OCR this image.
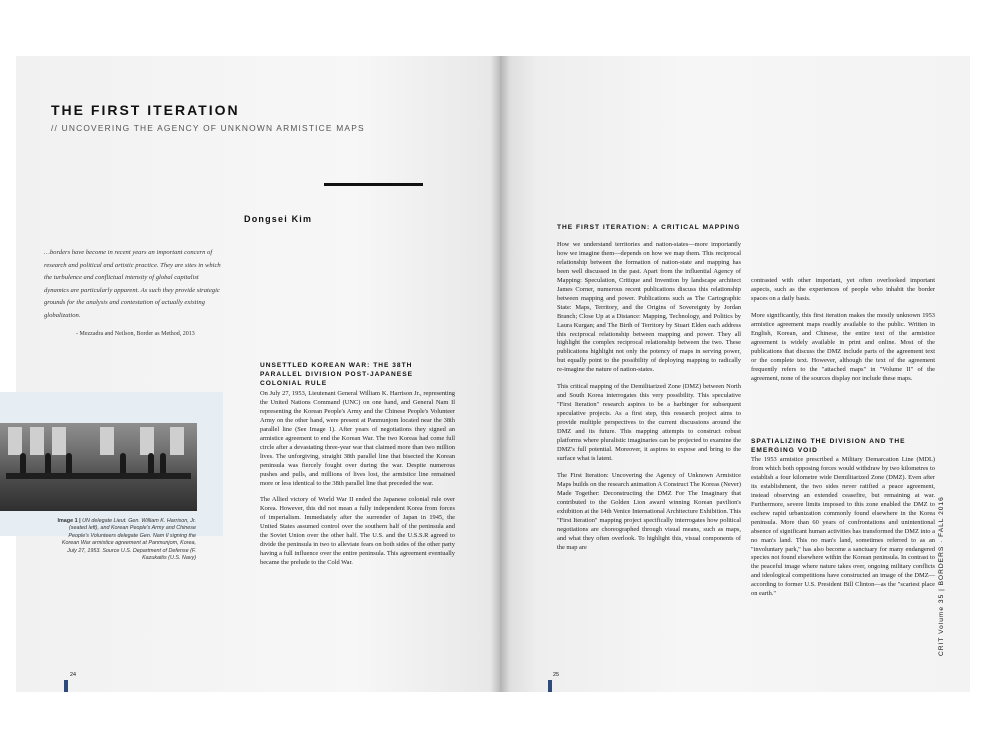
THE FIRST ITERATION
// UNCOVERING THE AGENCY OF UNKNOWN ARMISTICE MAPS
Dongsei Kim
…borders have become in recent years an important concern of research and political and artistic practice. They are sites in which the turbulence and conflictual intensity of global capitalist dynamics are particularly apparent. As such they provide strategic grounds for the analysis and contestation of actually existing globalization.
- Mezzadra and Neilson, Border as Method, 2013
Image 1 | UN delegate Lieut. Gen. William K. Harrison, Jr. (seated left), and Korean People's Army and Chinese People's Volunteers delegate Gen. Nam Il signing the Korean War armistice agreement at Panmunjom, Korea, July 27, 1953. Source U.S. Department of Defense (F. Kazukaitis (U.S. Navy)
UNSETTLED KOREAN WAR: THE 38TH PARALLEL DIVISION POST-JAPANESE COLONIAL RULE

On July 27, 1953, Lieutenant General William K. Harrison Jr., representing the United Nations Command (UNC) on one hand, and General Nam Il representing the Korean People's Army and the Chinese People's Volunteer Army on the other hand, were present at Panmunjom located near the 38th parallel line (See Image 1). After years of negotiations they signed an armistice agreement to end the Korean War. The two Koreas had come full circle after a devastating three-year war that claimed more than two million lives. The unforgiving, straight 38th parallel line that bisected the Korean peninsula was fiercely fought over during the war. Despite numerous pushes and pulls, and millions of lives lost, the armistice line remained more or less identical to the 38th parallel line that preceded the war.

The Allied victory of World War II ended the Japanese colonial rule over Korea. However, this did not mean a fully independent Korea from forces of imperialism. Immediately after the surrender of Japan in 1945, the United States assumed control over the southern half of the peninsula and the Soviet Union over the other half. The U.S. and the U.S.S.R agreed to divide the peninsula in two to alleviate fears on both sides of the other party having a full influence over the entire peninsula. This agreement eventually became the prelude to the Cold War.

24
THE FIRST ITERATION: A CRITICAL MAPPING

How we understand territories and nation-states—more importantly how we imagine them—depends on how we map them. This reciprocal relationship between the formation of nation-state and mapping has been well discussed in the past. Apart from the influential Agency of Mapping: Speculation, Critique and Invention by landscape architect James Corner, numerous recent publications discuss this relationship between mapping and power. Publications such as The Cartographic State: Maps, Territory, and the Origins of Sovereignty by Jordan Branch; Close Up at a Distance: Mapping, Technology, and Politics by Laura Kurgan; and The Birth of Territory by Stuart Elden each address this reciprocal relationship between mapping and power. They all highlight the complex reciprocal relationship between the two. These publications highlight not only the potency of maps in serving power, but equally point to the possibility of deploying mapping to radically re-imagine the nature of nation-states.

This critical mapping of the Demilitarized Zone (DMZ) between North and South Korea interrogates this very possibility. This speculative "First Iteration" research aspires to be a harbinger for subsequent speculative projects. As a first step, this research project aims to provide multiple perspectives to the current discussions around the DMZ and its future. This mapping attempts to construct robust platforms where pluralistic imaginaries can be projected to examine the DMZ's full potential. Moreover, it aspires to expose and bring to the surface what is latent.

The First Iteration: Uncovering the Agency of Unknown Armistice Maps builds on the research animation A Construct The Koreas (Never) Made Together: Deconstructing the DMZ For The Imaginary that contributed to the Golden Lion award winning Korean pavilion's exhibition at the 14th Venice International Architecture Exhibition. This "First Iteration" mapping project specifically interrogates how political negotiations are choreographed through visual means, such as maps, and what they often overlook. To highlight this, visual components of the map are

contrasted with other important, yet often overlooked important aspects, such as the experiences of people who inhabit the border spaces on a daily basis.

More significantly, this first iteration makes the mostly unknown 1953 armistice agreement maps readily available to the public. Written in English, Korean, and Chinese, the entire text of the armistice agreement is widely available in print and online. Most of the publications that discuss the DMZ include parts of the agreement text or the complete text. However, although the text of the agreement frequently refers to the "attached maps" in "Volume II" of the agreement, none of the sources display nor include these maps.

SPATIALIZING THE DIVISION AND THE EMERGING VOID

The 1953 armistice prescribed a Military Demarcation Line (MDL) from which both opposing forces would withdraw by two kilometres to establish a four kilometre wide Demilitarized Zone (DMZ). Even after its establishment, the two sides never ratified a peace agreement, instead observing an extended ceasefire, but remaining at war. Furthermore, severe limits imposed to this zone enabled the DMZ to eschew rapid urbanization commonly found elsewhere in the Korea peninsula. More than 60 years of confrontations and unintentional absence of significant human activities has transformed the DMZ into a no man's land. This no man's land, sometimes referred to as an "involuntary park," has also become a sanctuary for many endangered species not found elsewhere within the Korean peninsula. In contrast to the peaceful image where nature takes over, ongoing military conflicts and ideological competitions have constructed an image of the DMZ—according to former U.S. President Bill Clinton—as the "scariest place on earth."

25
CRIT Volume 35 | BORDERS · FALL 2016
